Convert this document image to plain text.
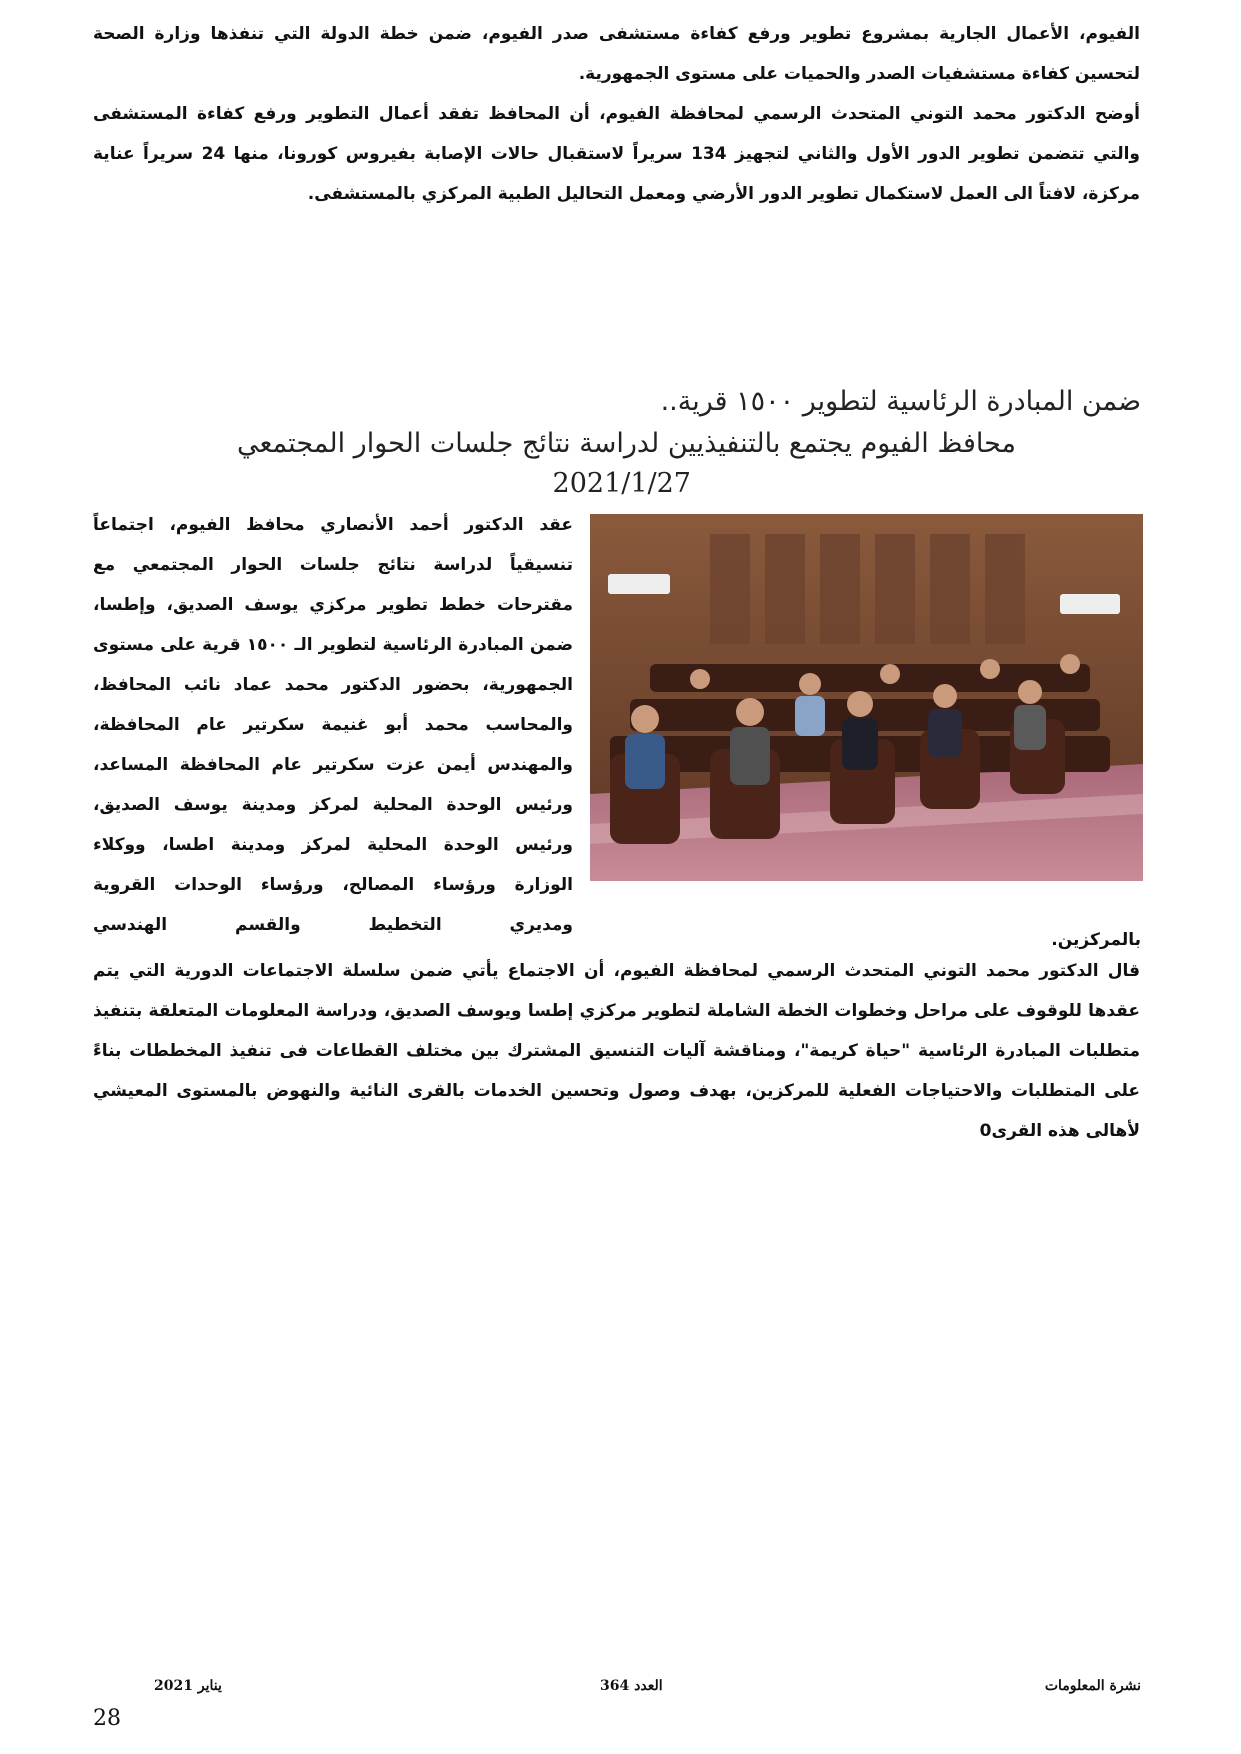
الفيوم، الأعمال الجارية بمشروع تطوير ورفع كفاءة مستشفى صدر الفيوم، ضمن خطة الدولة التي تنفذها وزارة الصحة لتحسين كفاءة مستشفيات الصدر والحميات على مستوى الجمهورية.

أوضح الدكتور محمد التوني المتحدث الرسمي لمحافظة الفيوم، أن المحافظ تفقد أعمال التطوير ورفع كفاءة المستشفى والتي تتضمن تطوير الدور الأول والثاني لتجهيز 134 سريراً لاستقبال حالات الإصابة بفيروس كورونا، منها 24 سريراً عناية مركزة، لافتاً الى العمل لاستكمال تطوير الدور الأرضي ومعمل التحاليل الطبية المركزي بالمستشفى.

ضمن المبادرة الرئاسية لتطوير ١٥٠٠ قرية..

محافظ الفيوم يجتمع بالتنفيذيين لدراسة نتائج جلسات الحوار المجتمعي

2021/1/27

عقد الدكتور أحمد الأنصاري محافظ الفيوم، اجتماعاً تنسيقياً لدراسة نتائج جلسات الحوار المجتمعي مع مقترحات خطط تطوير مركزي يوسف الصديق، وإطسا، ضمن المبادرة الرئاسية لتطوير الـ ١٥٠٠ قرية على مستوى الجمهورية، بحضور الدكتور محمد عماد نائب المحافظ، والمحاسب محمد أبو غنيمة سكرتير عام المحافظة، والمهندس أيمن عزت سكرتير عام المحافظة المساعد، ورئيس الوحدة المحلية لمركز ومدينة يوسف الصديق، ورئيس الوحدة المحلية لمركز ومدينة اطسا، ووكلاء الوزارة ورؤساء المصالح، ورؤساء الوحدات القروية ومديري التخطيط والقسم الهندسي

بالمركزين.

قال الدكتور محمد التوني المتحدث الرسمي لمحافظة الفيوم، أن الاجتماع يأتي ضمن سلسلة الاجتماعات الدورية التي يتم عقدها للوقوف على مراحل وخطوات الخطة الشاملة لتطوير مركزي إطسا ويوسف الصديق، ودراسة المعلومات المتعلقة بتنفيذ متطلبات المبادرة الرئاسية "حياة كريمة"، ومناقشة آليات التنسيق المشترك بين مختلف القطاعات فى تنفيذ المخططات بناءً على المتطلبات والاحتياجات الفعلية للمركزين، بهدف وصول وتحسين الخدمات بالقرى النائية والنهوض بالمستوى المعيشي لأهالى هذه القرى0

نشرة المعلومات

العدد 364

يناير 2021

28
